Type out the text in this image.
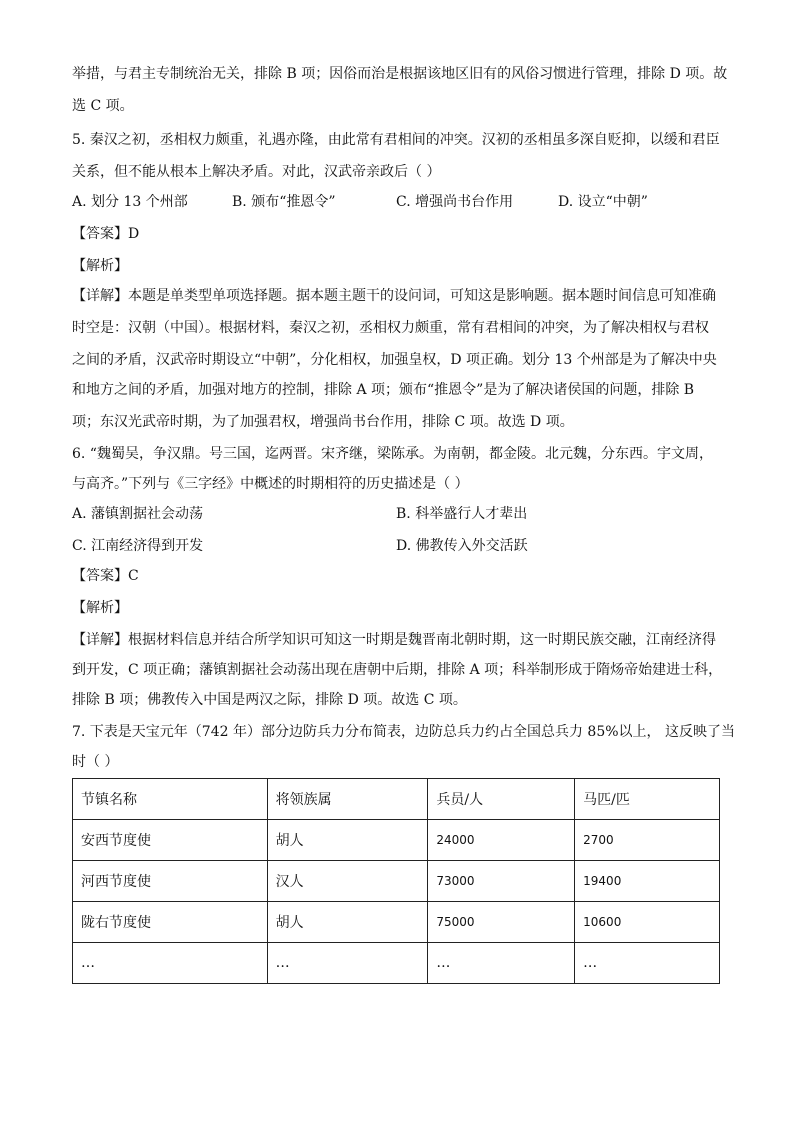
举措，与君主专制统治无关，排除 B 项；因俗而治是根据该地区旧有的风俗习惯进行管理，排除 D 项。故
选 C 项。
5. 秦汉之初，丞相权力颇重，礼遇亦隆，由此常有君相间的冲突。汉初的丞相虽多深自贬抑，以缓和君臣
关系，但不能从根本上解决矛盾。对此，汉武帝亲政后（ ）
A. 划分 13 个州部	B. 颁布“推恩令”	C. 增强尚书台作用	D. 设立“中朝”
【答案】D
【解析】
【详解】本题是单类型单项选择题。据本题主题干的设问词，可知这是影响题。据本题时间信息可知准确
时空是：汉朝（中国）。根据材料，秦汉之初，丞相权力颇重，常有君相间的冲突，为了解决相权与君权
之间的矛盾，汉武帝时期设立“中朝”，分化相权，加强皇权，D 项正确。划分 13 个州部是为了解决中央
和地方之间的矛盾，加强对地方的控制，排除 A 项；颁布“推恩令”是为了解决诸侯国的问题，排除 B
项；东汉光武帝时期，为了加强君权，增强尚书台作用，排除 C 项。故选 D 项。
6. “魏蜀吴，争汉鼎。号三国，迄两晋。宋齐继，梁陈承。为南朝，都金陵。北元魏，分东西。宇文周，
与高齐。”下列与《三字经》中概述的时期相符的历史描述是（ ）
A. 藩镇割据社会动荡	B. 科举盛行人才辈出
C. 江南经济得到开发	D. 佛教传入外交活跃
【答案】C
【解析】
【详解】根据材料信息并结合所学知识可知这一时期是魏晋南北朝时期，这一时期民族交融，江南经济得
到开发，C 项正确；藩镇割据社会动荡出现在唐朝中后期，排除 A 项；科举制形成于隋炀帝始建进士科，
排除 B 项；佛教传入中国是两汉之际，排除 D 项。故选 C 项。
7. 下表是天宝元年（742 年）部分边防兵力分布简表，边防总兵力约占全国总兵力 85%以上， 这反映了当
时（ ）
节镇名称	将领族属	兵员/人	马匹/匹
安西节度使	胡人	24000	2700
河西节度使	汉人	73000	19400
陇右节度使	胡人	75000	10600
…	…	…	…
